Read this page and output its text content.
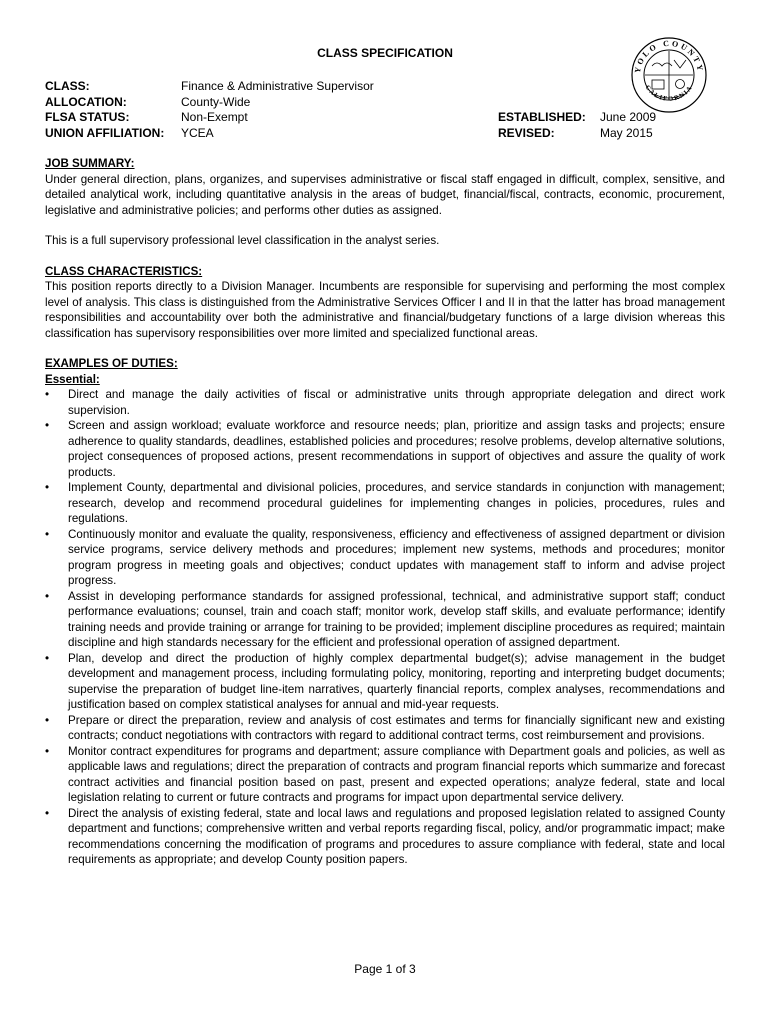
CLASS SPECIFICATION
YOLO COUNTY
CALIFORNIA
CLASS:
ALLOCATION:
FLSA STATUS:
UNION AFFILIATION:
Finance & Administrative Supervisor
County-Wide
Non-Exempt
YCEA
ESTABLISHED:
REVISED:
June 2009
May 2015
JOB SUMMARY:

Under general direction, plans, organizes, and supervises administrative or fiscal staff engaged in difficult, complex, sensitive, and detailed analytical work, including quantitative analysis in the areas of budget, financial/fiscal, contracts, economic, procurement, legislative and administrative policies; and performs other duties as assigned.

This is a full supervisory professional level classification in the analyst series.

CLASS CHARACTERISTICS:

This position reports directly to a Division Manager. Incumbents are responsible for supervising and performing the most complex level of analysis. This class is distinguished from the Administrative Services Officer I and II in that the latter has broad management responsibilities and accountability over both the administrative and financial/budgetary functions of a large division whereas this classification has supervisory responsibilities over more limited and specialized functional areas.

EXAMPLES OF DUTIES:
Essential:
• Direct and manage the daily activities of fiscal or administrative units through appropriate delegation and direct work supervision.
• Screen and assign workload; evaluate workforce and resource needs; plan, prioritize and assign tasks and projects; ensure adherence to quality standards, deadlines, established policies and procedures; resolve problems, develop alternative solutions, project consequences of proposed actions, present recommendations in support of objectives and assure the quality of work products.
• Implement County, departmental and divisional policies, procedures, and service standards in conjunction with management; research, develop and recommend procedural guidelines for implementing changes in policies, procedures, rules and regulations.
• Continuously monitor and evaluate the quality, responsiveness, efficiency and effectiveness of assigned department or division service programs, service delivery methods and procedures; implement new systems, methods and procedures; monitor program progress in meeting goals and objectives; conduct updates with management staff to inform and advise project progress.
• Assist in developing performance standards for assigned professional, technical, and administrative support staff; conduct performance evaluations; counsel, train and coach staff; monitor work, develop staff skills, and evaluate performance; identify training needs and provide training or arrange for training to be provided; implement discipline procedures as required; maintain discipline and high standards necessary for the efficient and professional operation of assigned department.
• Plan, develop and direct the production of highly complex departmental budget(s); advise management in the budget development and management process, including formulating policy, monitoring, reporting and interpreting budget documents; supervise the preparation of budget line-item narratives, quarterly financial reports, complex analyses, recommendations and justification based on complex statistical analyses for annual and mid-year requests.
• Prepare or direct the preparation, review and analysis of cost estimates and terms for financially significant new and existing contracts; conduct negotiations with contractors with regard to additional contract terms, cost reimbursement and provisions.
• Monitor contract expenditures for programs and department; assure compliance with Department goals and policies, as well as applicable laws and regulations; direct the preparation of contracts and program financial reports which summarize and forecast contract activities and financial position based on past, present and expected operations; analyze federal, state and local legislation relating to current or future contracts and programs for impact upon departmental service delivery.
• Direct the analysis of existing federal, state and local laws and regulations and proposed legislation related to assigned County department and functions; comprehensive written and verbal reports regarding fiscal, policy, and/or programmatic impact; make recommendations concerning the modification of programs and procedures to assure compliance with federal, state and local requirements as appropriate; and develop County position papers.
Page 1 of 3
